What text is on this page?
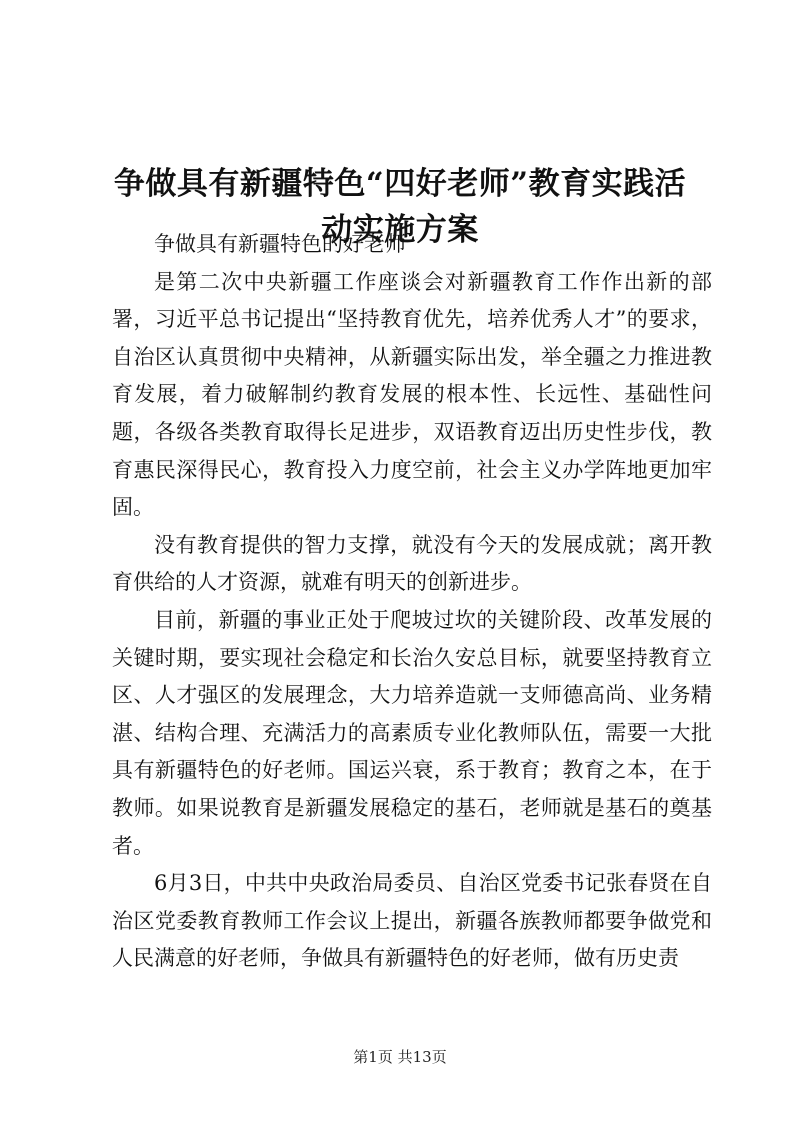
争做具有新疆特色“四好老师”教育实践活动实施方案

争做具有新疆特色的好老师

是第二次中央新疆工作座谈会对新疆教育工作作出新的部署，习近平总书记提出“坚持教育优先，培养优秀人才”的要求，自治区认真贯彻中央精神，从新疆实际出发，举全疆之力推进教育发展，着力破解制约教育发展的根本性、长远性、基础性问题，各级各类教育取得长足进步，双语教育迈出历史性步伐，教育惠民深得民心，教育投入力度空前，社会主义办学阵地更加牢固。

没有教育提供的智力支撑，就没有今天的发展成就；离开教育供给的人才资源，就难有明天的创新进步。

目前，新疆的事业正处于爬坡过坎的关键阶段、改革发展的关键时期，要实现社会稳定和长治久安总目标，就要坚持教育立区、人才强区的发展理念，大力培养造就一支师德高尚、业务精湛、结构合理、充满活力的高素质专业化教师队伍，需要一大批具有新疆特色的好老师。国运兴衰，系于教育；教育之本，在于教师。如果说教育是新疆发展稳定的基石，老师就是基石的奠基者。

6月3日，中共中央政治局委员、自治区党委书记张春贤在自治区党委教育教师工作会议上提出，新疆各族教师都要争做党和人民满意的好老师，争做具有新疆特色的好老师，做有历史责

第1页 共13页
